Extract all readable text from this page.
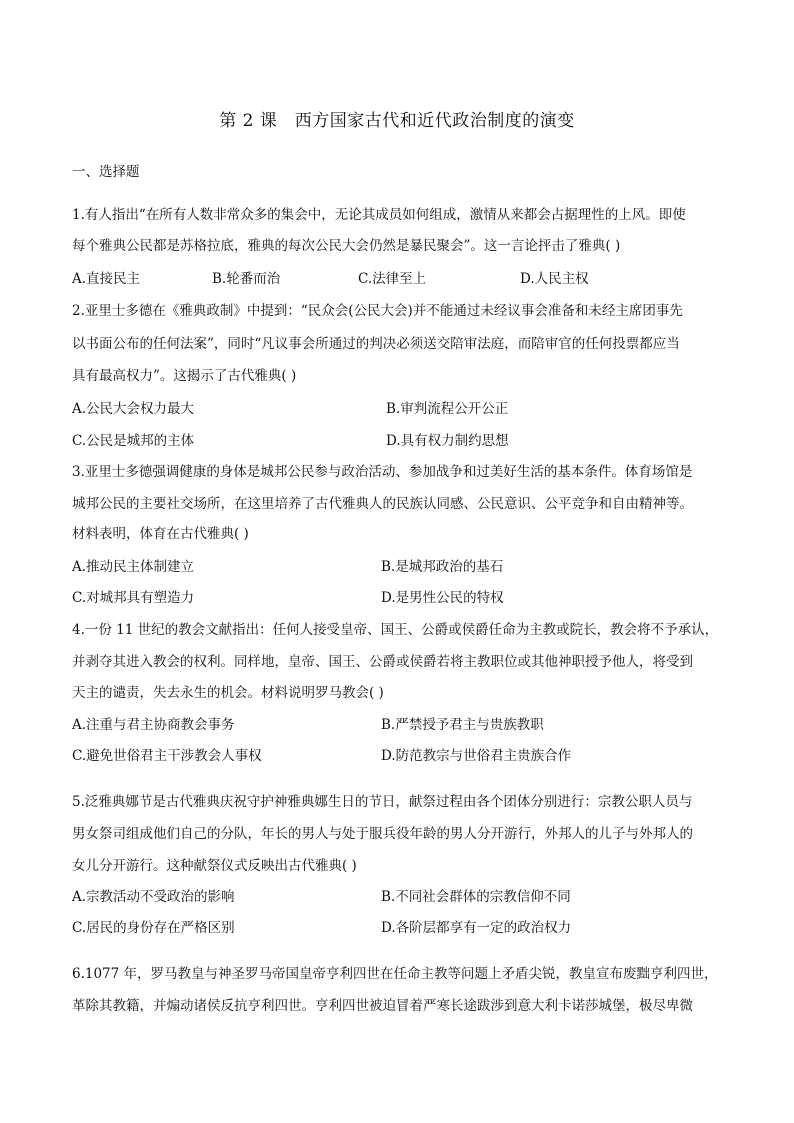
第 2 课　西方国家古代和近代政治制度的演变
一、选择题
1.有人指出“在所有人数非常众多的集会中，无论其成员如何组成，激情从来都会占据理性的上风。即使
每个雅典公民都是苏格拉底，雅典的每次公民大会仍然是暴民聚会”。这一言论抨击了雅典( )
A.直接民主	B.轮番而治	C.法律至上	D.人民主权
2.亚里士多德在《雅典政制》中提到：“民众会(公民大会)并不能通过未经议事会准备和未经主席团事先
以书面公布的任何法案”，同时“凡议事会所通过的判决必须送交陪审法庭，而陪审官的任何投票都应当
具有最高权力”。这揭示了古代雅典( )
A.公民大会权力最大	B.审判流程公开公正
C.公民是城邦的主体	D.具有权力制约思想
3.亚里士多德强调健康的身体是城邦公民参与政治活动、参加战争和过美好生活的基本条件。体育场馆是
城邦公民的主要社交场所，在这里培养了古代雅典人的民族认同感、公民意识、公平竞争和自由精神等。
材料表明，体育在古代雅典( )
A.推动民主体制建立	B.是城邦政治的基石
C.对城邦具有塑造力	D.是男性公民的特权
4.一份 11 世纪的教会文献指出：任何人接受皇帝、国王、公爵或侯爵任命为主教或院长，教会将不予承认，
并剥夺其进入教会的权利。同样地，皇帝、国王、公爵或侯爵若将主教职位或其他神职授予他人，将受到
天主的谴责，失去永生的机会。材料说明罗马教会( )
A.注重与君主协商教会事务	B.严禁授予君主与贵族教职
C.避免世俗君主干涉教会人事权	D.防范教宗与世俗君主贵族合作
5.泛雅典娜节是古代雅典庆祝守护神雅典娜生日的节日，献祭过程由各个团体分别进行：宗教公职人员与
男女祭司组成他们自己的分队，年长的男人与处于服兵役年龄的男人分开游行，外邦人的儿子与外邦人的
女儿分开游行。这种献祭仪式反映出古代雅典( )
A.宗教活动不受政治的影响	B.不同社会群体的宗教信仰不同
C.居民的身份存在严格区别	D.各阶层都享有一定的政治权力
6.1077 年，罗马教皇与神圣罗马帝国皇帝亨利四世在任命主教等问题上矛盾尖锐，教皇宣布废黜亨利四世，
革除其教籍，并煽动诸侯反抗亨利四世。亨利四世被迫冒着严寒长途跋涉到意大利卡诺莎城堡，极尽卑微
